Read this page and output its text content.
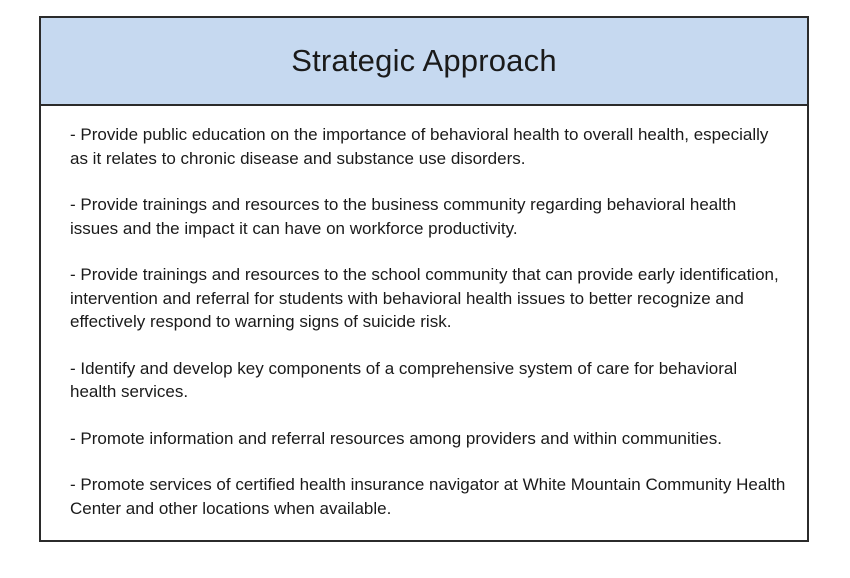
Strategic Approach

- Provide public education on the importance of behavioral health to overall health, especially as it relates to chronic disease and substance use disorders.

- Provide trainings and resources to the business community regarding behavioral health issues and the impact it can have on workforce productivity.

- Provide trainings and resources to the school community that can provide early identification, intervention and referral for students with behavioral health issues to better recognize and effectively respond to warning signs of suicide risk.

- Identify and develop key components of a comprehensive system of care for behavioral health services.

- Promote information and referral resources among providers and within communities.

- Promote services of certified health insurance navigator at White Mountain Community Health Center and other locations when available.
